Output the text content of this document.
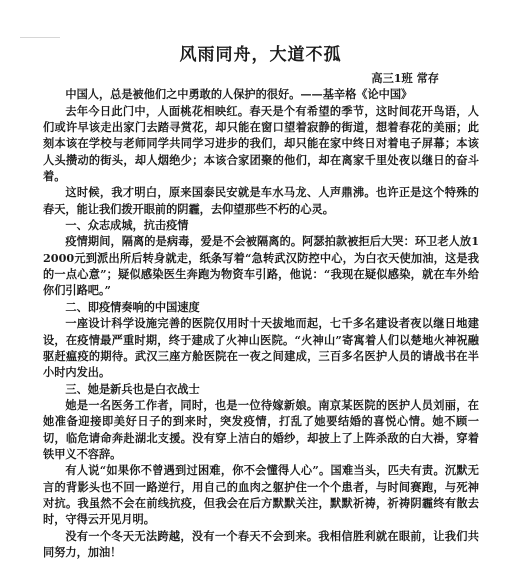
风雨同舟，大道不孤

高三1班 常存

中国人，总是被他们之中勇敢的人保护的很好。——基辛格《论中国》

去年今日此门中，人面桃花相映红。春天是个有希望的季节，这时间花开鸟语，人们或许早该走出家门去踏寻赏花，却只能在窗口望着寂静的街道，想着春花的美丽；此刻本该在学校与老师同学共同学习进步的我们，却只能在家中终日对着电子屏幕；本该人头攒动的街头，却人烟绝少；本该合家团聚的他们，却在离家千里处夜以继日的奋斗着。

这时候，我才明白，原来国泰民安就是车水马龙、人声鼎沸。也许正是这个特殊的春天，能让我们拨开眼前的阴霾，去仰望那些不朽的心灵。

一、众志成城，抗击疫情

疫情期间，隔离的是病毒，爱是不会被隔离的。阿瑟拍款被拒后大哭：环卫老人放12000元到派出所后转身就走，纸条写着“急转武汉防控中心，为白衣天使加油，这是我的一点心意”；疑似感染医生奔跑为物资车引路，他说：“我现在疑似感染，就在车外给你们引路吧。”

二、即疫情奏响的中国速度

一座设计科学设施完善的医院仅用时十天拔地而起，七千多名建设者夜以继日地建设，在疫情最严重时期，终于建成了火神山医院。“火神山”寄寓着人们以楚地火神祝融驱赶瘟疫的期待。武汉三座方舱医院在一夜之间建成，三百多名医护人员的请战书在半小时内发出。

三、她是新兵也是白衣战士

她是一名医务工作者，同时，也是一位待嫁新娘。南京某医院的医护人员刘丽，在她准备迎接即美好日子的到来时，突发疫情，打乱了她要结婚的喜悦心情。她不顾一切，临危请命奔赴湖北支援。没有穿上洁白的婚纱，却披上了上阵杀敌的白大褂，穿着铁甲义不容辞。

有人说“如果你不曾遇到过困难，你不会懂得人心”。国难当头，匹夫有责。沉默无言的背影头也不回一路逆行，用自己的血肉之躯护住一个个患者，与时间赛跑，与死神对抗。我虽然不会在前线抗疫，但我会在后方默默关注，默默祈祷，祈祷阴霾终有散去时，守得云开见月明。

没有一个冬天无法跨越，没有一个春天不会到来。我相信胜利就在眼前，让我们共同努力，加油！
